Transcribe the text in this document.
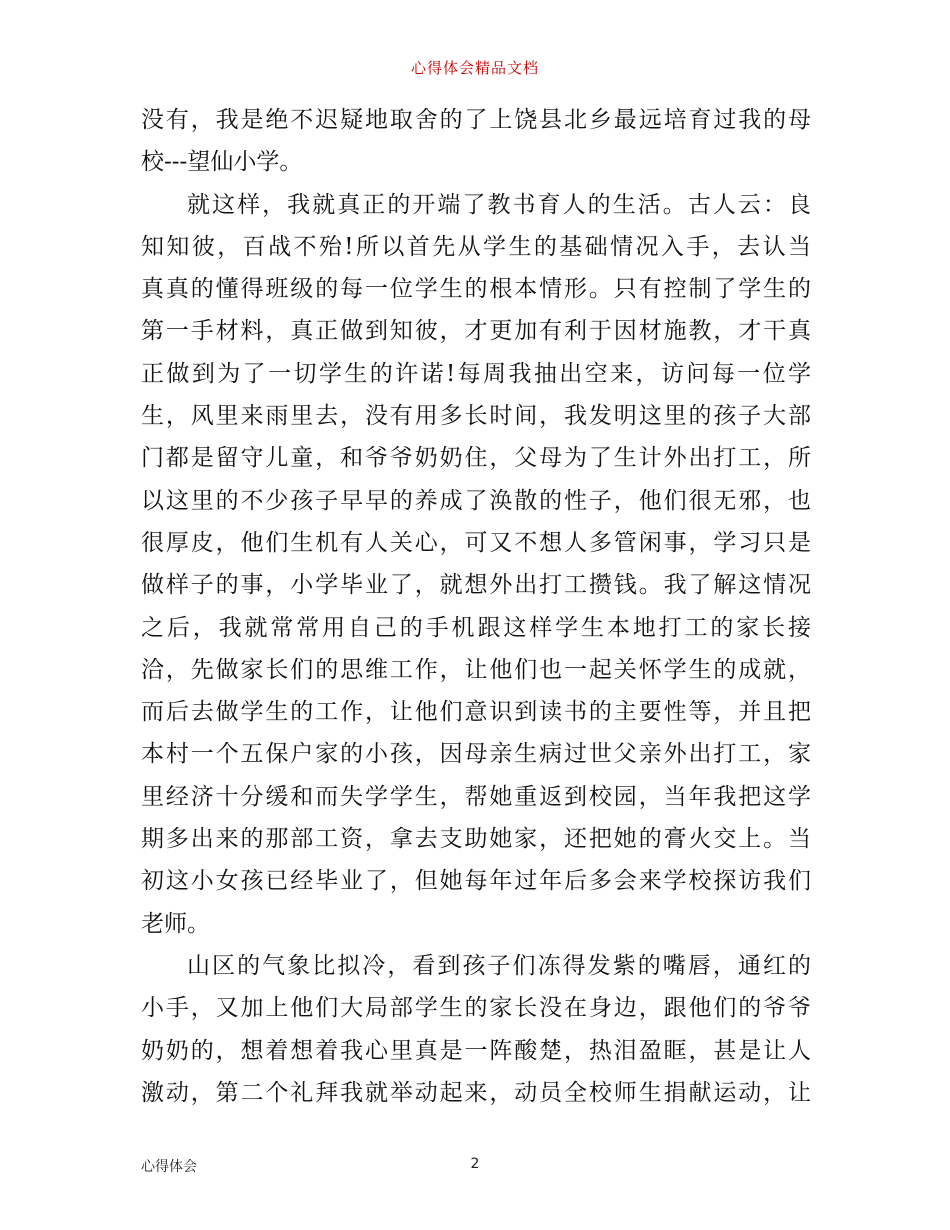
心得体会精品文档
没有，我是绝不迟疑地取舍的了上饶县北乡最远培育过我的母
校---望仙小学。
就这样，我就真正的开端了教书育人的生活。古人云：良
知知彼，百战不殆!所以首先从学生的基础情况入手，去认当
真真的懂得班级的每一位学生的根本情形。只有控制了学生的
第一手材料，真正做到知彼，才更加有利于因材施教，才干真
正做到为了一切学生的许诺!每周我抽出空来，访问每一位学
生，风里来雨里去，没有用多长时间，我发明这里的孩子大部
门都是留守儿童，和爷爷奶奶住，父母为了生计外出打工，所
以这里的不少孩子早早的养成了涣散的性子，他们很无邪，也
很厚皮，他们生机有人关心，可又不想人多管闲事，学习只是
做样子的事，小学毕业了，就想外出打工攒钱。我了解这情况
之后，我就常常用自己的手机跟这样学生本地打工的家长接
洽，先做家长们的思维工作，让他们也一起关怀学生的成就，
而后去做学生的工作，让他们意识到读书的主要性等，并且把
本村一个五保户家的小孩，因母亲生病过世父亲外出打工，家
里经济十分缓和而失学学生，帮她重返到校园，当年我把这学
期多出来的那部工资，拿去支助她家，还把她的膏火交上。当
初这小女孩已经毕业了，但她每年过年后多会来学校探访我们
老师。
山区的气象比拟冷，看到孩子们冻得发紫的嘴唇，通红的
小手，又加上他们大局部学生的家长没在身边，跟他们的爷爷
奶奶的，想着想着我心里真是一阵酸楚，热泪盈眶，甚是让人
激动，第二个礼拜我就举动起来，动员全校师生捐献运动，让
心得体会	2
